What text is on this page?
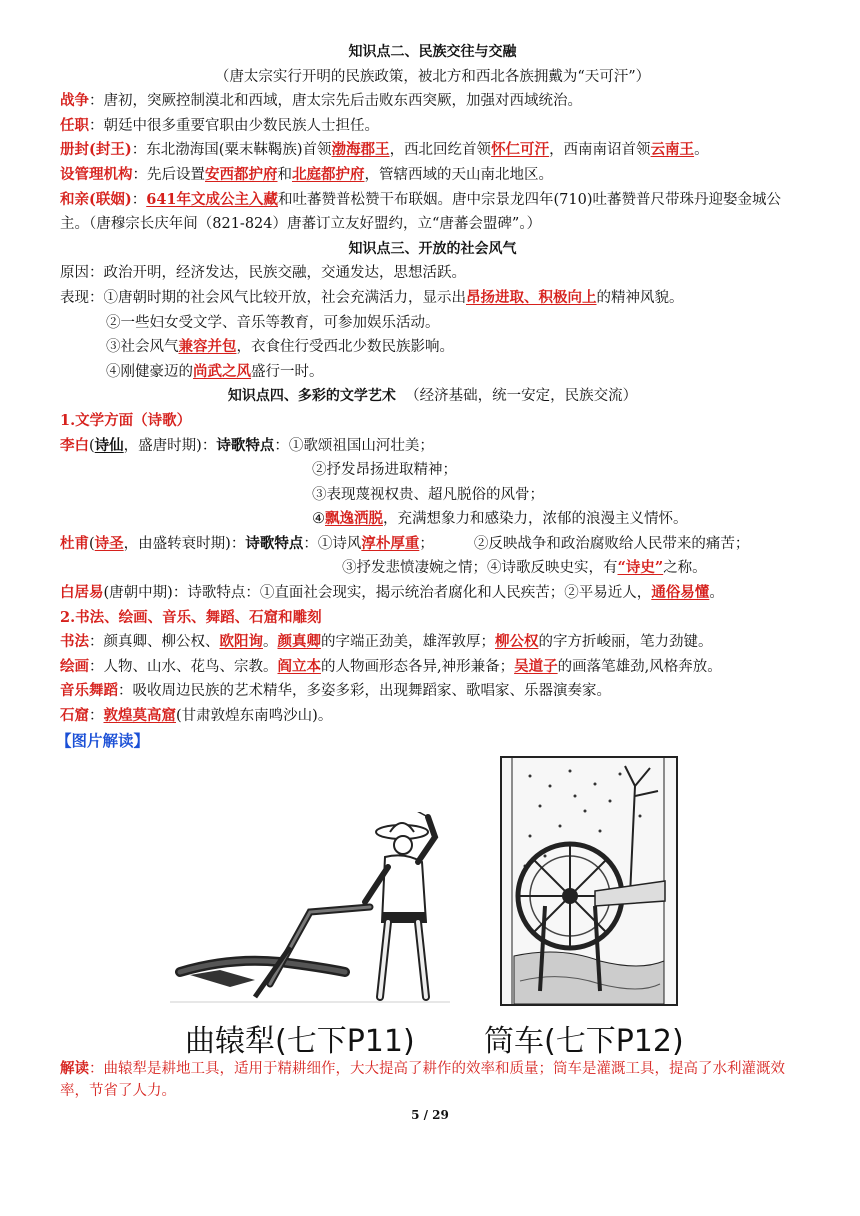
知识点二、民族交往与交融
（唐太宗实行开明的民族政策，被北方和西北各族拥戴为“天可汗”）
战争：唐初，突厥控制漠北和西域，唐太宗先后击败东西突厥，加强对西域统治。
任职：朝廷中很多重要官职由少数民族人士担任。
册封(封王)：东北渤海国(粟末靺鞨族)首领渤海郡王，西北回纥首领怀仁可汗，西南南诏首领云南王。
设管理机构：先后设置安西都护府和北庭都护府，管辖西域的天山南北地区。
和亲(联姻)：641年文成公主入藏和吐蕃赞普松赞干布联姻。唐中宗景龙四年(710)吐蕃赞普尺带珠丹迎娶金城公主。（唐穆宗长庆年间（821-824）唐蕃订立友好盟约，立“唐蕃会盟碑”。）
知识点三、开放的社会风气
原因：政治开明，经济发达，民族交融，交通发达，思想活跃。
表现：①唐朝时期的社会风气比较开放，社会充满活力，显示出昂扬进取、积极向上的精神风貌。
②一些妇女受文学、音乐等教育，可参加娱乐活动。
③社会风气兼容并包，衣食住行受西北少数民族影响。
④刚健豪迈的尚武之风盛行一时。
知识点四、多彩的文学艺术 （经济基础，统一安定，民族交流）
1.文学方面（诗歌）
李白(诗仙，盛唐时期)：诗歌特点：①歌颂祖国山河壮美；
②抒发昂扬进取精神；
③表现蔑视权贵、超凡脱俗的风骨；
④飘逸洒脱，充满想象力和感染力，浓郁的浪漫主义情怀。
杜甫(诗圣，由盛转衰时期)：诗歌特点：①诗风淳朴厚重；	②反映战争和政治腐败给人民带来的痛苦；
③抒发悲愤凄婉之情；④诗歌反映史实，有“诗史”之称。
白居易(唐朝中期)：诗歌特点：①直面社会现实，揭示统治者腐化和人民疾苦；②平易近人，通俗易懂。
2.书法、绘画、音乐、舞蹈、石窟和雕刻
书法：颜真卿、柳公权、欧阳询。颜真卿的字端正劲美，雄浑敦厚；柳公权的字方折峻丽，笔力劲键。
绘画：人物、山水、花鸟、宗教。阎立本的人物画形态各异,神形兼备；吴道子的画落笔雄劲,风格奔放。
音乐舞蹈：吸收周边民族的艺术精华，多姿多彩，出现舞蹈家、歌唱家、乐器演奏家。
石窟：敦煌莫高窟(甘肃敦煌东南鸣沙山)。
【图片解读】
曲辕犁(七下P11) 筒车(七下P12)
解读：曲辕犁是耕地工具，适用于精耕细作，大大提高了耕作的效率和质量；筒车是灌溉工具，提高了水利灌溉效率，节省了人力。
5 / 29
